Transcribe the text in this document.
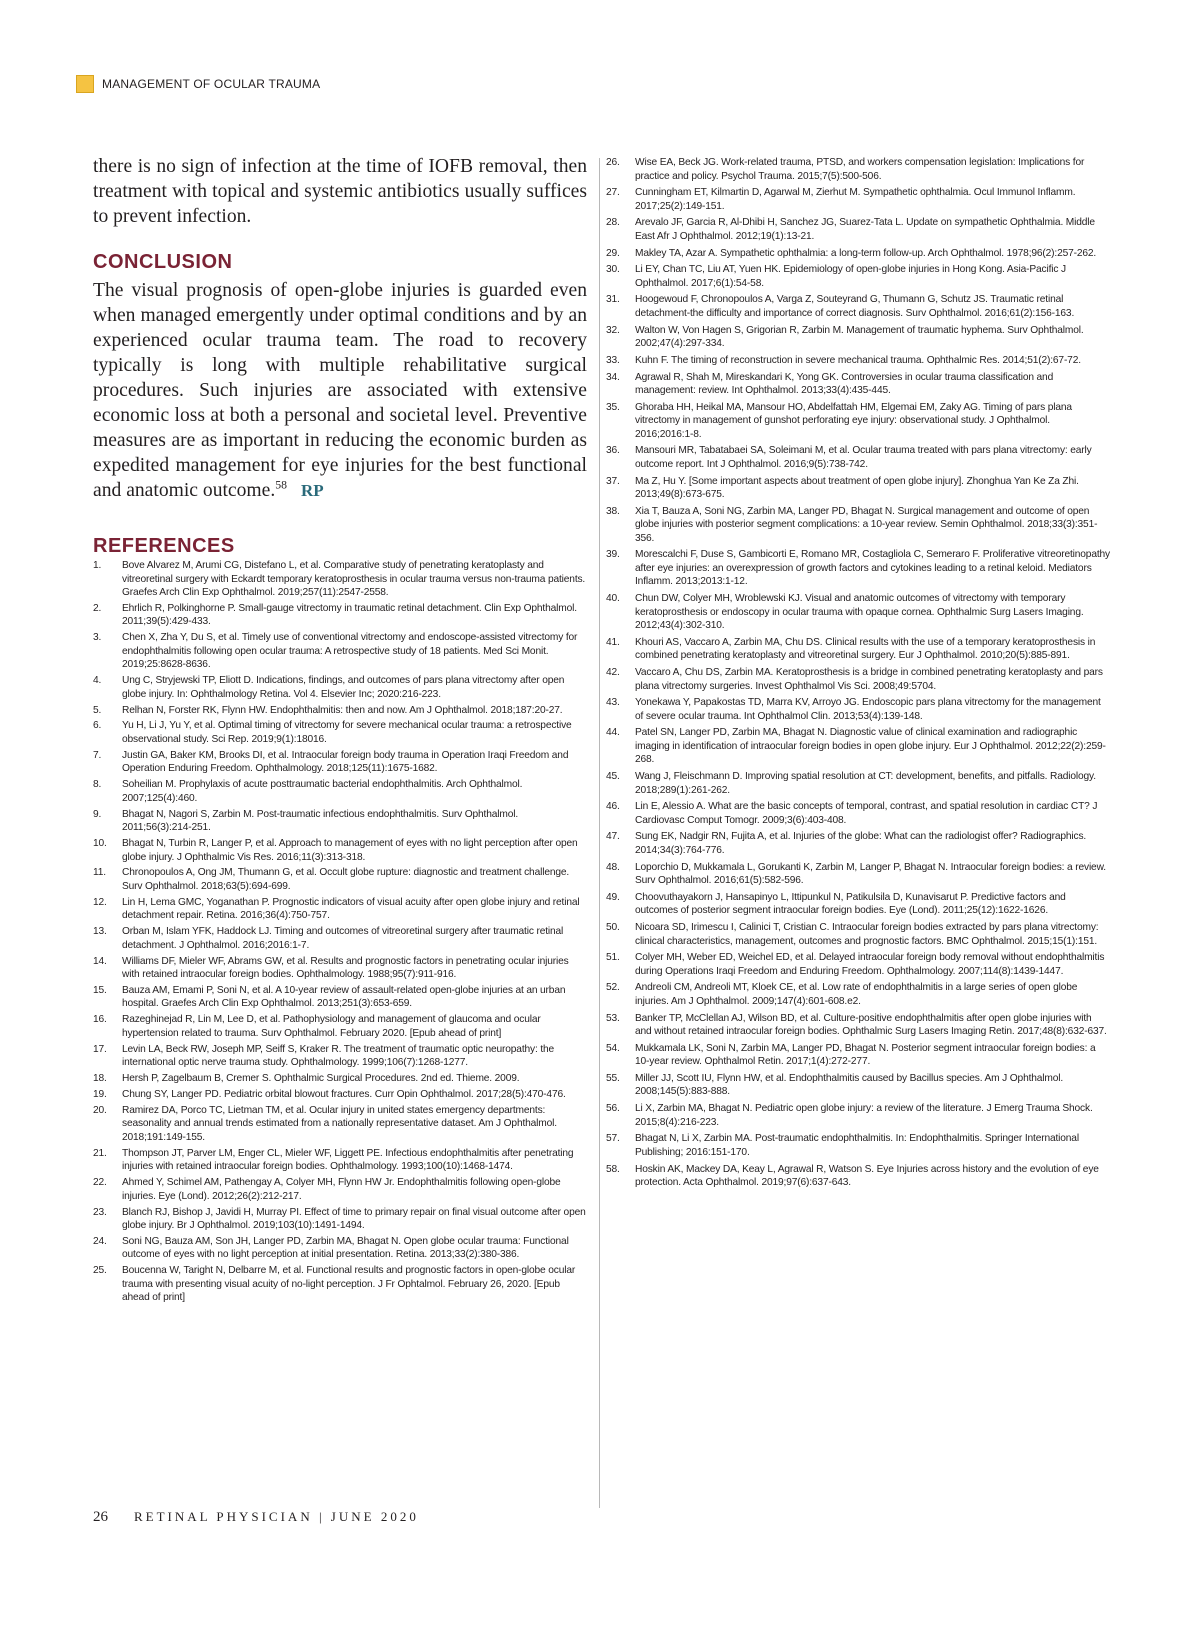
MANAGEMENT OF OCULAR TRAUMA

there is no sign of infection at the time of IOFB removal, then treatment with topical and systemic antibiotics usually suffices to prevent infection.

CONCLUSION

The visual prognosis of open-globe injuries is guarded even when managed emergently under optimal conditions and by an experienced ocular trauma team. The road to recovery typically is long with multiple rehabilitative surgical procedures. Such injuries are associated with extensive economic loss at both a personal and societal level. Preventive measures are as important in reducing the economic burden as expedited management for eye injuries for the best functional and anatomic outcome.$^{58}$ RP

REFERENCES
1.	Bove Alvarez M, Arumi CG, Distefano L, et al. Comparative study of penetrating keratoplasty and vitreoretinal surgery with Eckardt temporary keratoprosthesis in ocular trauma versus non-trauma patients. Graefes Arch Clin Exp Ophthalmol. 2019;257(11):2547-2558.
2.	Ehrlich R, Polkinghorne P. Small-gauge vitrectomy in traumatic retinal detachment. Clin Exp Ophthalmol. 2011;39(5):429-433.
3.	Chen X, Zha Y, Du S, et al. Timely use of conventional vitrectomy and endoscope-assisted vitrectomy for endophthalmitis following open ocular trauma: A retrospective study of 18 patients. Med Sci Monit. 2019;25:8628-8636.
4.	Ung C, Stryjewski TP, Eliott D. Indications, findings, and outcomes of pars plana vitrectomy after open globe injury. In: Ophthalmology Retina. Vol 4. Elsevier Inc; 2020:216-223.
5.	Relhan N, Forster RK, Flynn HW. Endophthalmitis: then and now. Am J Ophthalmol. 2018;187:20-27.
6.	Yu H, Li J, Yu Y, et al. Optimal timing of vitrectomy for severe mechanical ocular trauma: a retrospective observational study. Sci Rep. 2019;9(1):18016.
7.	Justin GA, Baker KM, Brooks DI, et al. Intraocular foreign body trauma in Operation Iraqi Freedom and Operation Enduring Freedom. Ophthalmology. 2018;125(11):1675-1682.
8.	Soheilian M. Prophylaxis of acute posttraumatic bacterial endophthalmitis. Arch Ophthalmol. 2007;125(4):460.
9.	Bhagat N, Nagori S, Zarbin M. Post-traumatic infectious endophthalmitis. Surv Ophthalmol. 2011;56(3):214-251.
10.	Bhagat N, Turbin R, Langer P, et al. Approach to management of eyes with no light perception after open globe injury. J Ophthalmic Vis Res. 2016;11(3):313-318.
11.	Chronopoulos A, Ong JM, Thumann G, et al. Occult globe rupture: diagnostic and treatment challenge. Surv Ophthalmol. 2018;63(5):694-699.
12.	Lin H, Lema GMC, Yoganathan P. Prognostic indicators of visual acuity after open globe injury and retinal detachment repair. Retina. 2016;36(4):750-757.
13.	Orban M, Islam YFK, Haddock LJ. Timing and outcomes of vitreoretinal surgery after traumatic retinal detachment. J Ophthalmol. 2016;2016:1-7.
14.	Williams DF, Mieler WF, Abrams GW, et al. Results and prognostic factors in penetrating ocular injuries with retained intraocular foreign bodies. Ophthalmology. 1988;95(7):911-916.
15.	Bauza AM, Emami P, Soni N, et al. A 10-year review of assault-related open-globe injuries at an urban hospital. Graefes Arch Clin Exp Ophthalmol. 2013;251(3):653-659.
16.	Razeghinejad R, Lin M, Lee D, et al. Pathophysiology and management of glaucoma and ocular hypertension related to trauma. Surv Ophthalmol. February 2020. [Epub ahead of print]
17.	Levin LA, Beck RW, Joseph MP, Seiff S, Kraker R. The treatment of traumatic optic neuropathy: the international optic nerve trauma study. Ophthalmology. 1999;106(7):1268-1277.
18.	Hersh P, Zagelbaum B, Cremer S. Ophthalmic Surgical Procedures. 2nd ed. Thieme. 2009.
19.	Chung SY, Langer PD. Pediatric orbital blowout fractures. Curr Opin Ophthalmol. 2017;28(5):470-476.
20.	Ramirez DA, Porco TC, Lietman TM, et al. Ocular injury in united states emergency departments: seasonality and annual trends estimated from a nationally representative dataset. Am J Ophthalmol. 2018;191:149-155.
21.	Thompson JT, Parver LM, Enger CL, Mieler WF, Liggett PE. Infectious endophthalmitis after penetrating injuries with retained intraocular foreign bodies. Ophthalmology. 1993;100(10):1468-1474.
22.	Ahmed Y, Schimel AM, Pathengay A, Colyer MH, Flynn HW Jr. Endophthalmitis following open-globe injuries. Eye (Lond). 2012;26(2):212-217.
23.	Blanch RJ, Bishop J, Javidi H, Murray PI. Effect of time to primary repair on final visual outcome after open globe injury. Br J Ophthalmol. 2019;103(10):1491-1494.
24.	Soni NG, Bauza AM, Son JH, Langer PD, Zarbin MA, Bhagat N. Open globe ocular trauma: Functional outcome of eyes with no light perception at initial presentation. Retina. 2013;33(2):380-386.
25.	Boucenna W, Taright N, Delbarre M, et al. Functional results and prognostic factors in open-globe ocular trauma with presenting visual acuity of no-light perception. J Fr Ophtalmol. February 26, 2020. [Epub ahead of print]
26.	Wise EA, Beck JG. Work-related trauma, PTSD, and workers compensation legislation: Implications for practice and policy. Psychol Trauma. 2015;7(5):500-506.
27.	Cunningham ET, Kilmartin D, Agarwal M, Zierhut M. Sympathetic ophthalmia. Ocul Immunol Inflamm. 2017;25(2):149-151.
28.	Arevalo JF, Garcia R, Al-Dhibi H, Sanchez JG, Suarez-Tata L. Update on sympathetic Ophthalmia. Middle East Afr J Ophthalmol. 2012;19(1):13-21.
29.	Makley TA, Azar A. Sympathetic ophthalmia: a long-term follow-up. Arch Ophthalmol. 1978;96(2):257-262.
30.	Li EY, Chan TC, Liu AT, Yuen HK. Epidemiology of open-globe injuries in Hong Kong. Asia-Pacific J Ophthalmol. 2017;6(1):54-58.
31.	Hoogewoud F, Chronopoulos A, Varga Z, Souteyrand G, Thumann G, Schutz JS. Traumatic retinal detachment-the difficulty and importance of correct diagnosis. Surv Ophthalmol. 2016;61(2):156-163.
32.	Walton W, Von Hagen S, Grigorian R, Zarbin M. Management of traumatic hyphema. Surv Ophthalmol. 2002;47(4):297-334.
33.	Kuhn F. The timing of reconstruction in severe mechanical trauma. Ophthalmic Res. 2014;51(2):67-72.
34.	Agrawal R, Shah M, Mireskandari K, Yong GK. Controversies in ocular trauma classification and management: review. Int Ophthalmol. 2013;33(4):435-445.
35.	Ghoraba HH, Heikal MA, Mansour HO, Abdelfattah HM, Elgemai EM, Zaky AG. Timing of pars plana vitrectomy in management of gunshot perforating eye injury: observational study. J Ophthalmol. 2016;2016:1-8.
36.	Mansouri MR, Tabatabaei SA, Soleimani M, et al. Ocular trauma treated with pars plana vitrectomy: early outcome report. Int J Ophthalmol. 2016;9(5):738-742.
37.	Ma Z, Hu Y. [Some important aspects about treatment of open globe injury]. Zhonghua Yan Ke Za Zhi. 2013;49(8):673-675.
38.	Xia T, Bauza A, Soni NG, Zarbin MA, Langer PD, Bhagat N. Surgical management and outcome of open globe injuries with posterior segment complications: a 10-year review. Semin Ophthalmol. 2018;33(3):351-356.
39.	Morescalchi F, Duse S, Gambicorti E, Romano MR, Costagliola C, Semeraro F. Proliferative vitreoretinopathy after eye injuries: an overexpression of growth factors and cytokines leading to a retinal keloid. Mediators Inflamm. 2013;2013:1-12.
40.	Chun DW, Colyer MH, Wroblewski KJ. Visual and anatomic outcomes of vitrectomy with temporary keratoprosthesis or endoscopy in ocular trauma with opaque cornea. Ophthalmic Surg Lasers Imaging. 2012;43(4):302-310.
41.	Khouri AS, Vaccaro A, Zarbin MA, Chu DS. Clinical results with the use of a temporary keratoprosthesis in combined penetrating keratoplasty and vitreoretinal surgery. Eur J Ophthalmol. 2010;20(5):885-891.
42.	Vaccaro A, Chu DS, Zarbin MA. Keratoprosthesis is a bridge in combined penetrating keratoplasty and pars plana vitrectomy surgeries. Invest Ophthalmol Vis Sci. 2008;49:5704.
43.	Yonekawa Y, Papakostas TD, Marra KV, Arroyo JG. Endoscopic pars plana vitrectomy for the management of severe ocular trauma. Int Ophthalmol Clin. 2013;53(4):139-148.
44.	Patel SN, Langer PD, Zarbin MA, Bhagat N. Diagnostic value of clinical examination and radiographic imaging in identification of intraocular foreign bodies in open globe injury. Eur J Ophthalmol. 2012;22(2):259-268.
45.	Wang J, Fleischmann D. Improving spatial resolution at CT: development, benefits, and pitfalls. Radiology. 2018;289(1):261-262.
46.	Lin E, Alessio A. What are the basic concepts of temporal, contrast, and spatial resolution in cardiac CT? J Cardiovasc Comput Tomogr. 2009;3(6):403-408.
47.	Sung EK, Nadgir RN, Fujita A, et al. Injuries of the globe: What can the radiologist offer? Radiographics. 2014;34(3):764-776.
48.	Loporchio D, Mukkamala L, Gorukanti K, Zarbin M, Langer P, Bhagat N. Intraocular foreign bodies: a review. Surv Ophthalmol. 2016;61(5):582-596.
49.	Choovuthayakorn J, Hansapinyo L, Ittipunkul N, Patikulsila D, Kunavisarut P. Predictive factors and outcomes of posterior segment intraocular foreign bodies. Eye (Lond). 2011;25(12):1622-1626.
50.	Nicoara SD, Irimescu I, Calinici T, Cristian C. Intraocular foreign bodies extracted by pars plana vitrectomy: clinical characteristics, management, outcomes and prognostic factors. BMC Ophthalmol. 2015;15(1):151.
51.	Colyer MH, Weber ED, Weichel ED, et al. Delayed intraocular foreign body removal without endophthalmitis during Operations Iraqi Freedom and Enduring Freedom. Ophthalmology. 2007;114(8):1439-1447.
52.	Andreoli CM, Andreoli MT, Kloek CE, et al. Low rate of endophthalmitis in a large series of open globe injuries. Am J Ophthalmol. 2009;147(4):601-608.e2.
53.	Banker TP, McClellan AJ, Wilson BD, et al. Culture-positive endophthalmitis after open globe injuries with and without retained intraocular foreign bodies. Ophthalmic Surg Lasers Imaging Retin. 2017;48(8):632-637.
54.	Mukkamala LK, Soni N, Zarbin MA, Langer PD, Bhagat N. Posterior segment intraocular foreign bodies: a 10-year review. Ophthalmol Retin. 2017;1(4):272-277.
55.	Miller JJ, Scott IU, Flynn HW, et al. Endophthalmitis caused by Bacillus species. Am J Ophthalmol. 2008;145(5):883-888.
56.	Li X, Zarbin MA, Bhagat N. Pediatric open globe injury: a review of the literature. J Emerg Trauma Shock. 2015;8(4):216-223.
57.	Bhagat N, Li X, Zarbin MA. Post-traumatic endophthalmitis. In: Endophthalmitis. Springer International Publishing; 2016:151-170.
58.	Hoskin AK, Mackey DA, Keay L, Agrawal R, Watson S. Eye Injuries across history and the evolution of eye protection. Acta Ophthalmol. 2019;97(6):637-643.
26 RETINAL PHYSICIAN | JUNE 2020
